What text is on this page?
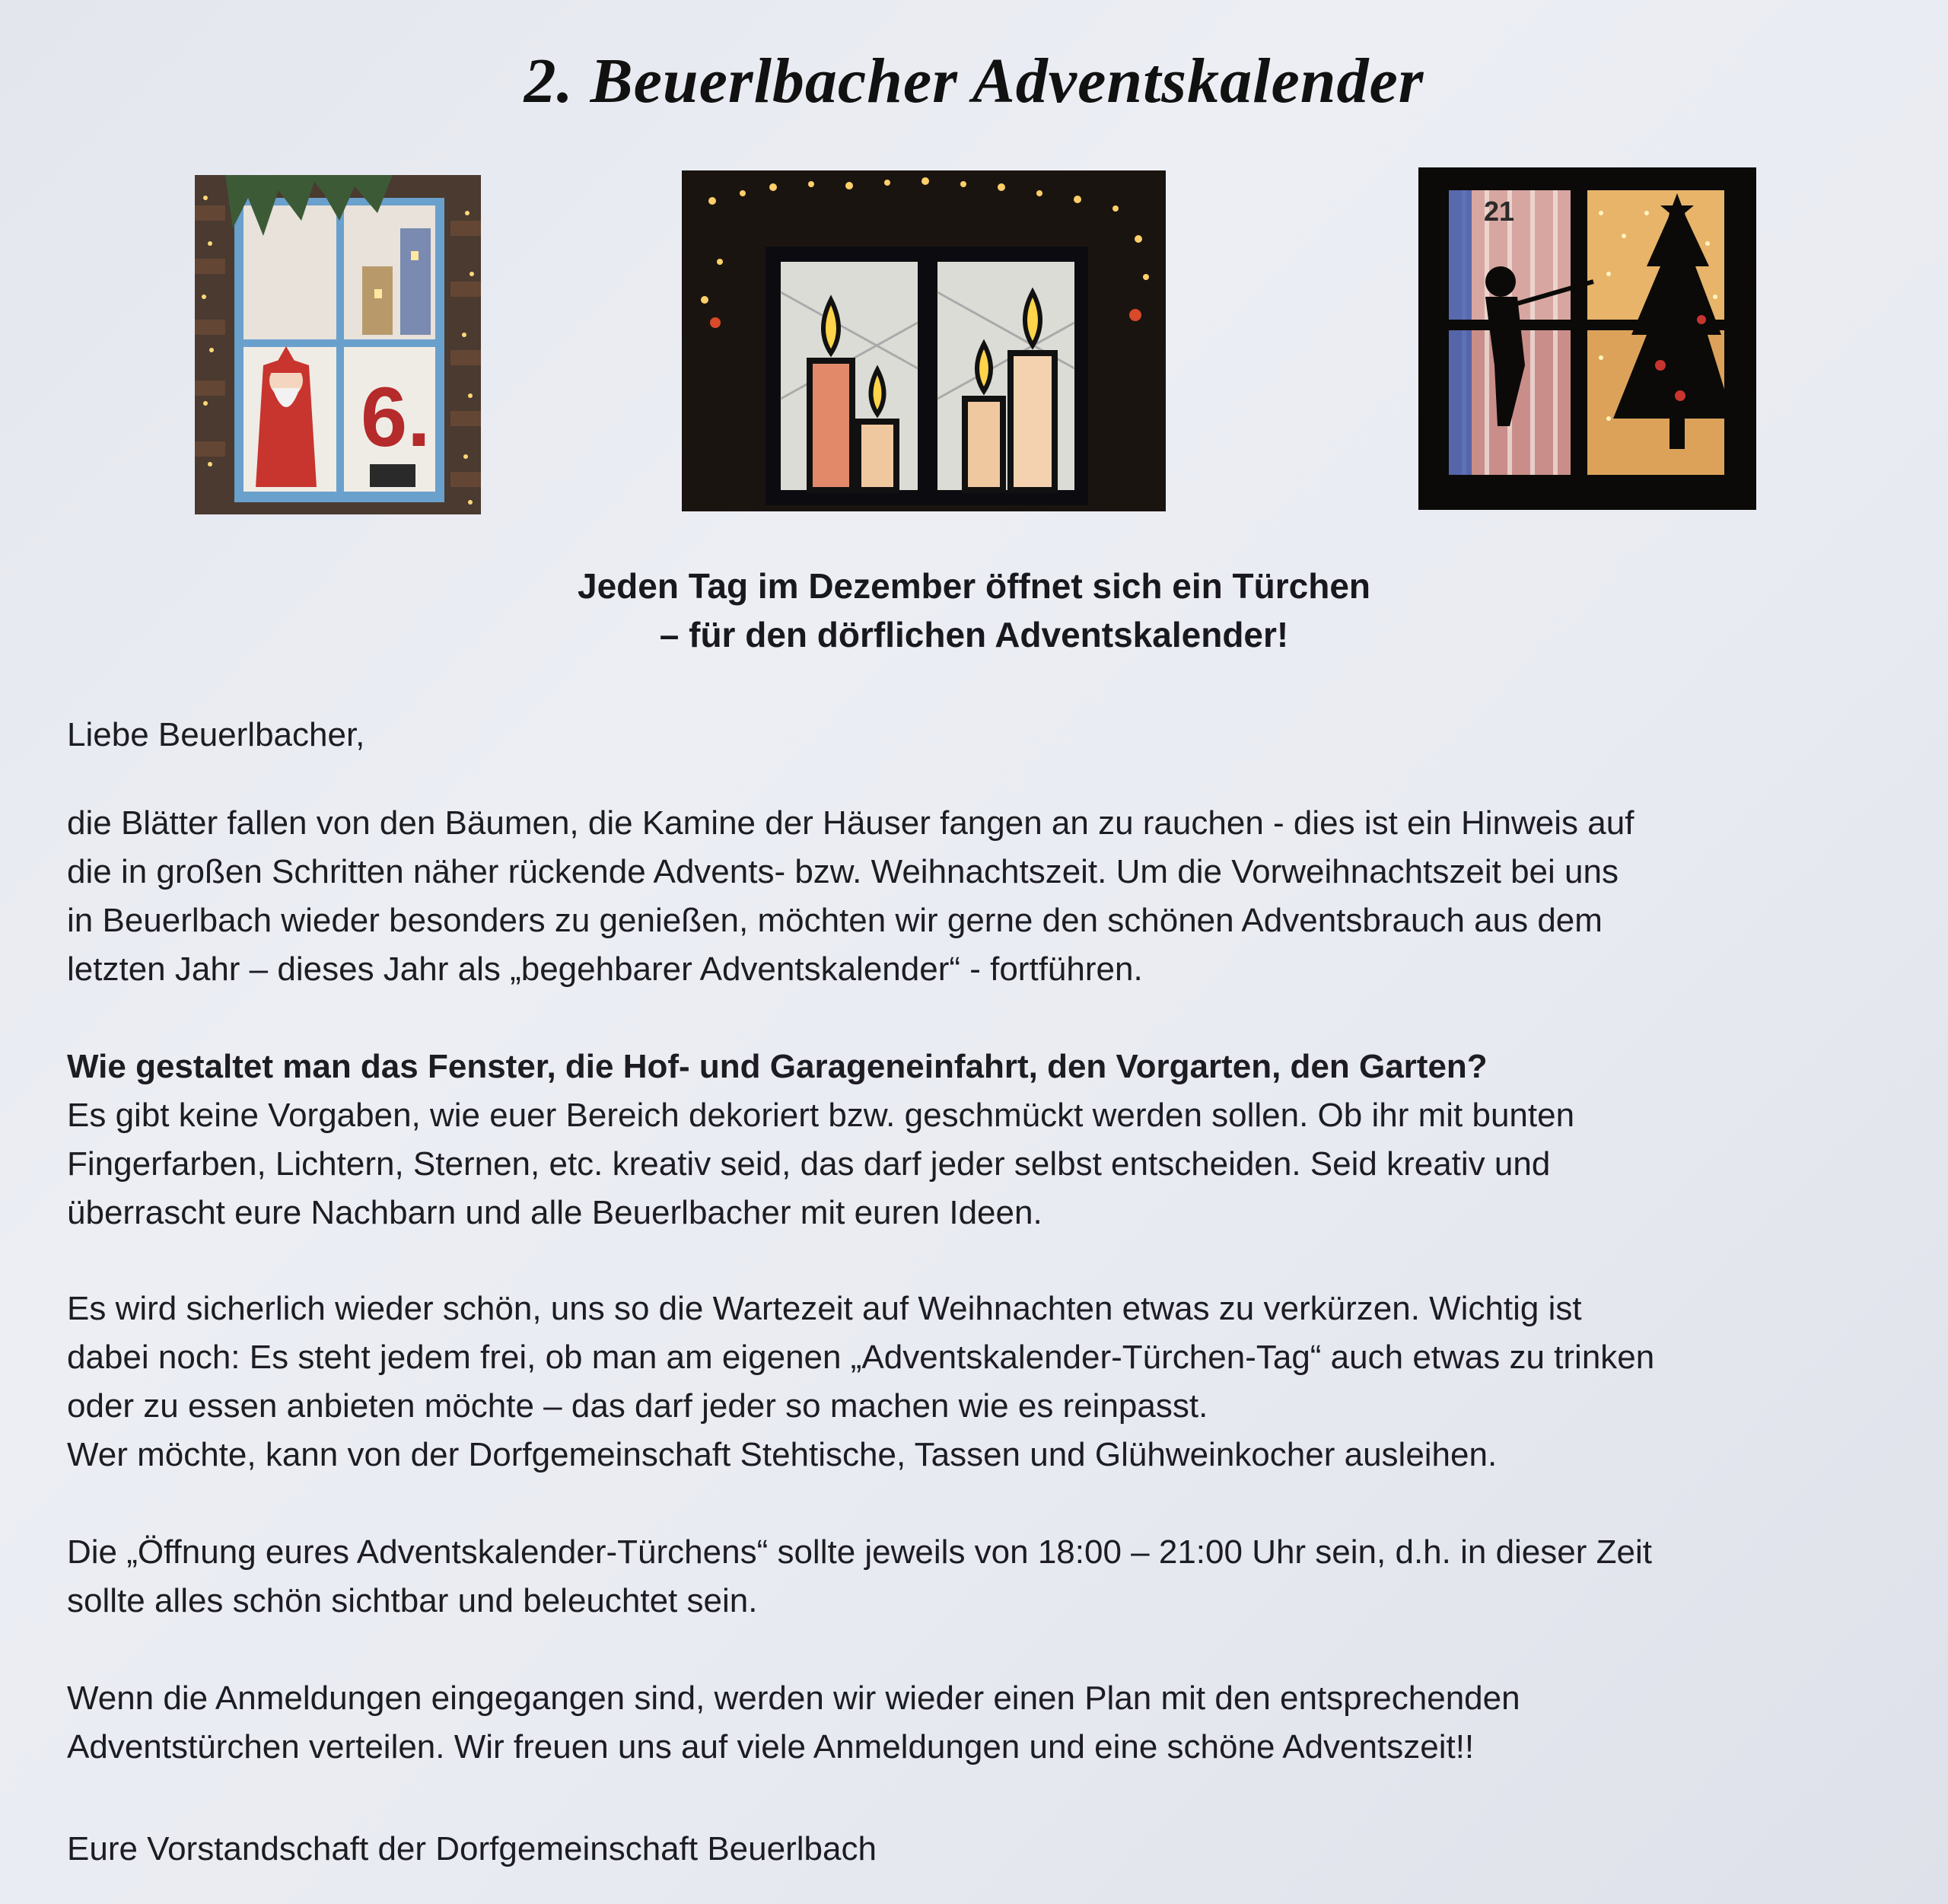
2. Beuerlbacher Adventskalender
6.
21
Jeden Tag im Dezember öffnet sich ein Türchen
– für den dörflichen Adventskalender!

Liebe Beuerlbacher,

die Blätter fallen von den Bäumen, die Kamine der Häuser fangen an zu rauchen - dies ist ein Hinweis auf

die in großen Schritten näher rückende Advents- bzw. Weihnachtszeit. Um die Vorweihnachtszeit bei uns

in Beuerlbach wieder besonders zu genießen, möchten wir gerne den schönen Adventsbrauch aus dem

letzten Jahr – dieses Jahr als „begehbarer Adventskalender“ - fortführen.

Wie gestaltet man das Fenster, die Hof- und Garageneinfahrt, den Vorgarten, den Garten?

Es gibt keine Vorgaben, wie euer Bereich dekoriert bzw. geschmückt werden sollen. Ob ihr mit bunten

Fingerfarben, Lichtern, Sternen, etc. kreativ seid, das darf jeder selbst entscheiden. Seid kreativ und

überrascht eure Nachbarn und alle Beuerlbacher mit euren Ideen.

Es wird sicherlich wieder schön, uns so die Wartezeit auf Weihnachten etwas zu verkürzen. Wichtig ist

dabei noch: Es steht jedem frei, ob man am eigenen „Adventskalender-Türchen-Tag“ auch etwas zu trinken

oder zu essen anbieten möchte – das darf jeder so machen wie es reinpasst.

Wer möchte, kann von der Dorfgemeinschaft Stehtische, Tassen und Glühweinkocher ausleihen.

Die „Öffnung eures Adventskalender-Türchens“ sollte jeweils von 18:00 – 21:00 Uhr sein, d.h. in dieser Zeit

sollte alles schön sichtbar und beleuchtet sein.

Wenn die Anmeldungen eingegangen sind, werden wir wieder einen Plan mit den entsprechenden

Adventstürchen verteilen. Wir freuen uns auf viele Anmeldungen und eine schöne Adventszeit!!

Eure Vorstandschaft der Dorfgemeinschaft Beuerlbach
